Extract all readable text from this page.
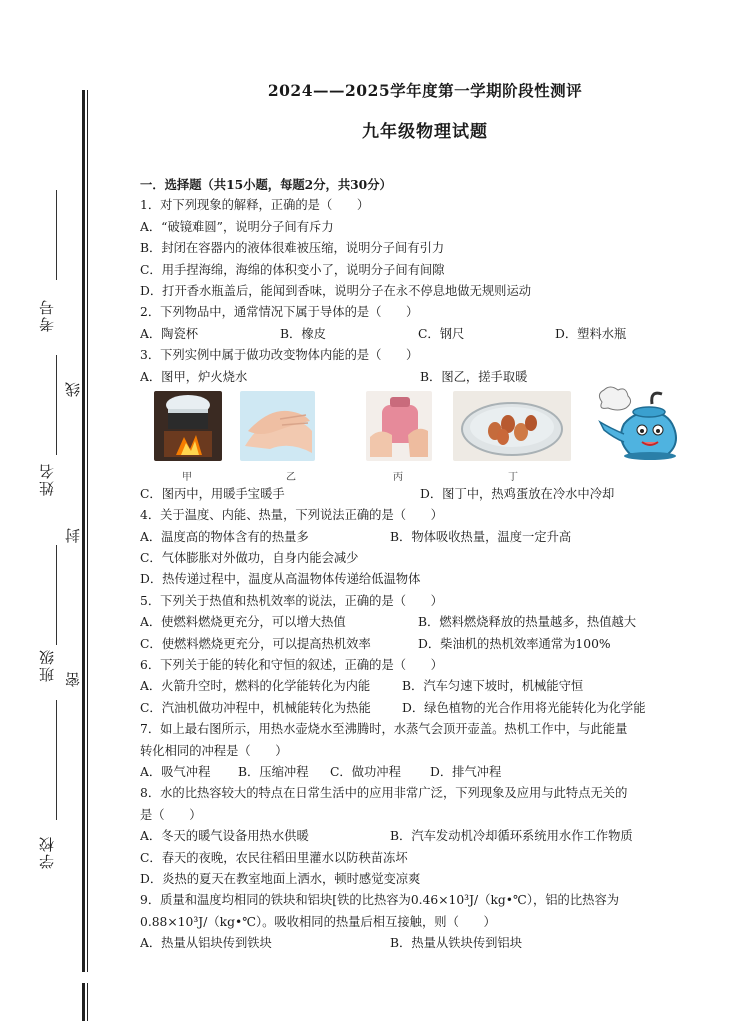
考号
姓名
班级
学校
线
封
密
2024——2025学年度第一学期阶段性测评
九年级物理试题
一．选择题（共15小题，每题2分，共30分）
1．对下列现象的解释，正确的是（　　）
A．“破镜难圆”，说明分子间有斥力
B．封闭在容器内的液体很难被压缩，说明分子间有引力
C．用手捏海绵，海绵的体积变小了，说明分子间有间隙
D．打开香水瓶盖后，能闻到香味，说明分子在永不停息地做无规则运动
2．下列物品中，通常情况下属于导体的是（　　）
A．陶瓷杯	B．橡皮	C．钢尺	D．塑料水瓶
3．下列实例中属于做功改变物体内能的是（　　）
A．图甲，炉火烧水	B．图乙，搓手取暖
甲	乙	丙	丁
C．图丙中，用暖手宝暖手	D．图丁中，热鸡蛋放在冷水中冷却
4．关于温度、内能、热量，下列说法正确的是（　　）
A．温度高的物体含有的热量多	B．物体吸收热量，温度一定升高
C．气体膨胀对外做功，自身内能会减少
D．热传递过程中，温度从高温物体传递给低温物体
5．下列关于热值和热机效率的说法，正确的是（　　）
A．使燃料燃烧更充分，可以增大热值	B．燃料燃烧释放的热量越多，热值越大
C．使燃料燃烧更充分，可以提高热机效率	D．柴油机的热机效率通常为100%
6．下列关于能的转化和守恒的叙述，正确的是（　　）
A．火箭升空时，燃料的化学能转化为内能	B．汽车匀速下坡时，机械能守恒
C．汽油机做功冲程中，机械能转化为热能	D．绿色植物的光合作用将光能转化为化学能
7．如上最右图所示，用热水壶烧水至沸腾时，水蒸气会顶开壶盖。热机工作中，与此能量
转化相同的冲程是（　　）
A．吸气冲程	B．压缩冲程	C．做功冲程	D．排气冲程
8．水的比热容较大的特点在日常生活中的应用非常广泛，下列现象及应用与此特点无关的
是（　　）
A．冬天的暖气设备用热水供暖	B．汽车发动机冷却循环系统用水作工作物质
C．春天的夜晚，农民往稻田里灌水以防秧苗冻坏
D．炎热的夏天在教室地面上洒水，顿时感觉变凉爽
9．质量和温度均相同的铁块和铝块[铁的比热容为0.46×10³J/（kg•℃），铝的比热容为
0.88×10³J/（kg•℃）。吸收相同的热量后相互接触，则（　　）
A．热量从铝块传到铁块	B．热量从铁块传到铝块
